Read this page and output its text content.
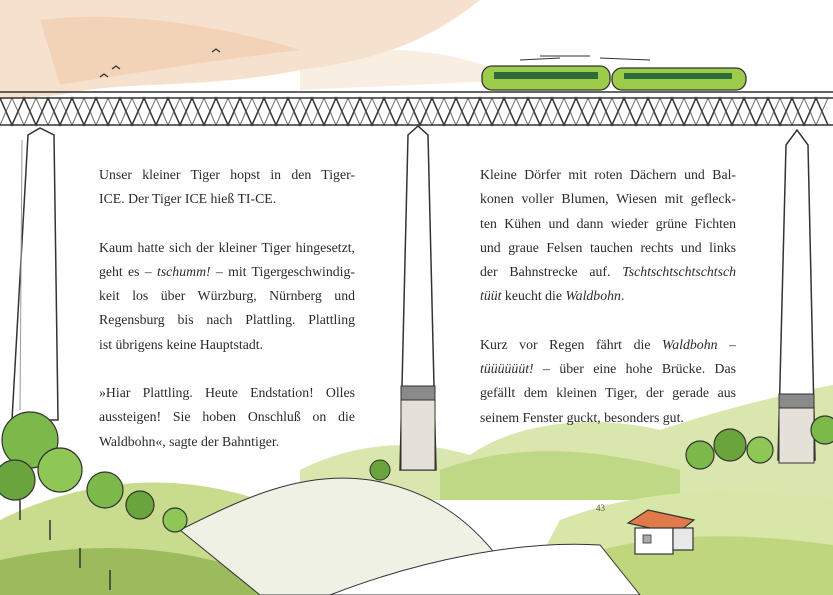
Unser kleiner Tiger hopst in den Tiger-
ICE. Der Tiger ICE hieß TI-CE.

Kaum hatte sich der kleiner Tiger hingesetzt,
geht es – tschumm! – mit Tigergeschwindig-
keit los über Würzburg, Nürnberg und
Regensburg bis nach Plattling. Plattling
ist übrigens keine Hauptstadt.

»Hiar Plattling. Heute Endstation! Olles
aussteigen! Sie hoben Onschluß on die
Waldbohn«, sagte der Bahntiger.

Kleine Dörfer mit roten Dächern und Bal-
konen voller Blumen, Wiesen mit gefleck-
ten Kühen und dann wieder grüne Fichten
und graue Felsen tauchen rechts und links
der Bahnstrecke auf. Tschtschtschtschtsch
tüüt keucht die Waldbohn.

Kurz vor Regen fährt die Waldbohn –
tüüüüüüt! – über eine hohe Brücke. Das
gefällt dem kleinen Tiger, der gerade aus
seinem Fenster guckt, besonders gut.

43
